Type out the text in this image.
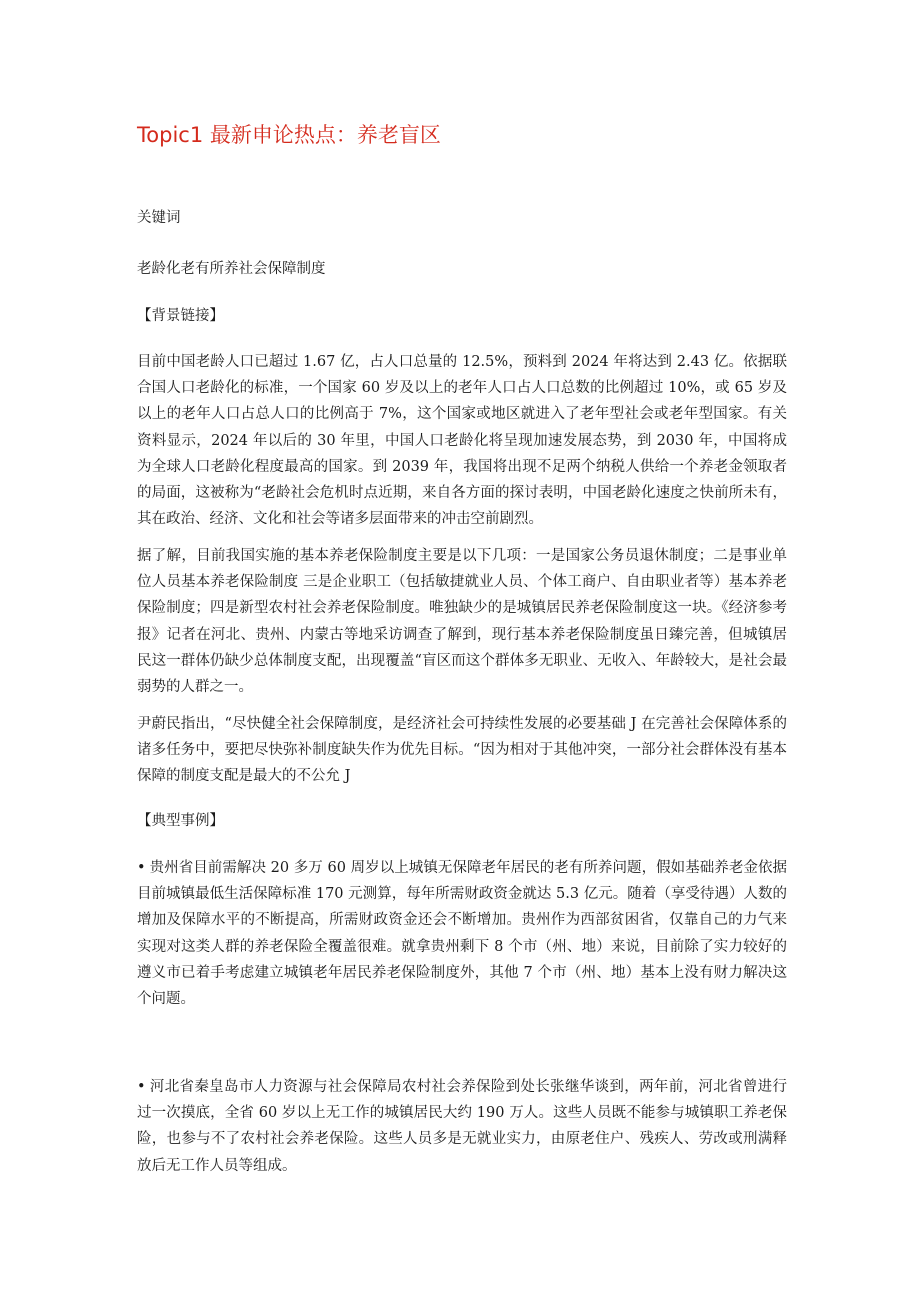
Topic1 最新申论热点：养老盲区

关键词

老龄化老有所养社会保障制度

【背景链接】

目前中国老龄人口已超过 1.67 亿，占人口总量的 12.5%，预料到 2024 年将达到 2.43 亿。依据联合国人口老龄化的标准，一个国家 60 岁及以上的老年人口占人口总数的比例超过 10%，或 65 岁及以上的老年人口占总人口的比例高于 7%，这个国家或地区就进入了老年型社会或老年型国家。有关资料显示，2024 年以后的 30 年里，中国人口老龄化将呈现加速发展态势，到 2030 年，中国将成为全球人口老龄化程度最高的国家。到 2039 年，我国将出现不足两个纳税人供给一个养老金领取者的局面，这被称为“老龄社会危机时点近期，来自各方面的探讨表明，中国老龄化速度之快前所未有，其在政治、经济、文化和社会等诸多层面带来的冲击空前剧烈。

据了解，目前我国实施的基本养老保险制度主要是以下几项：一是国家公务员退休制度；二是事业单位人员基本养老保险制度 三是企业职工（包括敏捷就业人员、个体工商户、自由职业者等）基本养老保险制度；四是新型农村社会养老保险制度。唯独缺少的是城镇居民养老保险制度这一块。《经济参考报》记者在河北、贵州、内蒙古等地采访调查了解到，现行基本养老保险制度虽日臻完善，但城镇居民这一群体仍缺少总体制度支配，出现覆盖“盲区而这个群体多无职业、无收入、年龄较大，是社会最弱势的人群之一。

尹蔚民指出，“尽快健全社会保障制度，是经济社会可持续性发展的必要基础 J 在完善社会保障体系的诸多任务中，要把尽快弥补制度缺失作为优先目标。“因为相对于其他冲突，一部分社会群体没有基本保障的制度支配是最大的不公允 J

【典型事例】

• 贵州省目前需解决 20 多万 60 周岁以上城镇无保障老年居民的老有所养问题，假如基础养老金依据目前城镇最低生活保障标准 170 元测算，每年所需财政资金就达 5.3 亿元。随着（享受待遇）人数的增加及保障水平的不断提高，所需财政资金还会不断增加。贵州作为西部贫困省，仅靠自己的力气来实现对这类人群的养老保险全覆盖很难。就拿贵州剩下 8 个市（州、地）来说，目前除了实力较好的遵义市已着手考虑建立城镇老年居民养老保险制度外，其他 7 个市（州、地）基本上没有财力解决这个问题。

• 河北省秦皇岛市人力资源与社会保障局农村社会养保险到处长张继华谈到，两年前，河北省曾进行过一次摸底，全省 60 岁以上无工作的城镇居民大约 190 万人。这些人员既不能参与城镇职工养老保险，也参与不了农村社会养老保险。这些人员多是无就业实力，由原老住户、残疾人、劳改或刑满释放后无工作人员等组成。
